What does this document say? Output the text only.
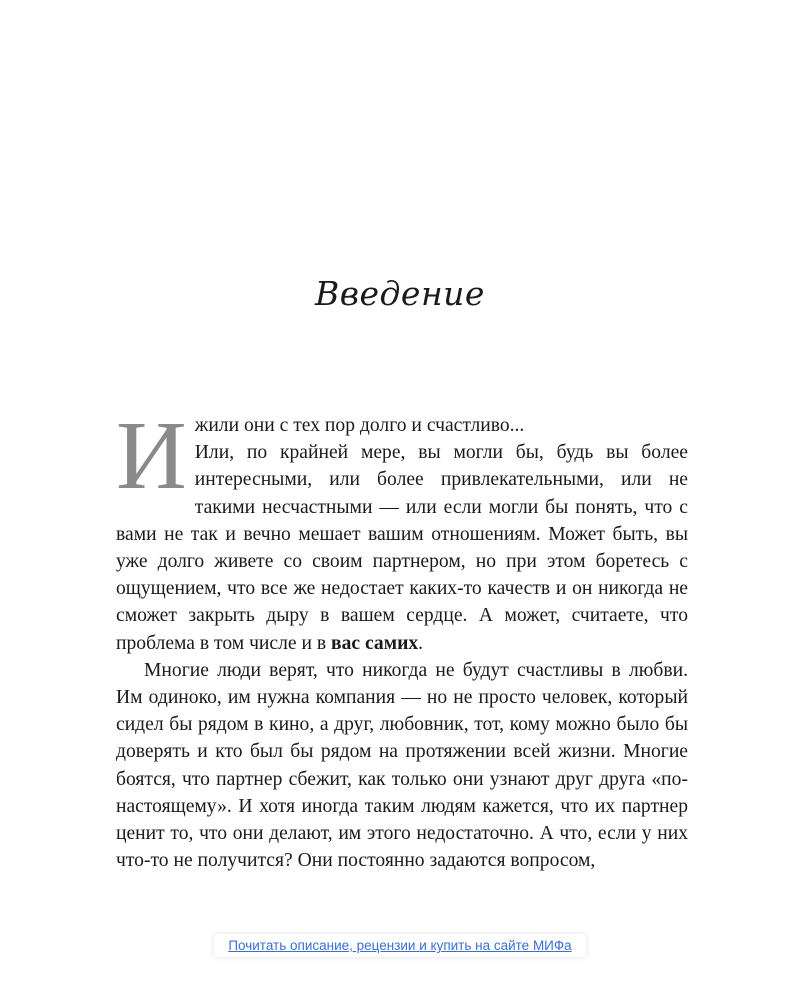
Введение

Ижили они с тех пор долго и счастливо...
Или, по крайней мере, вы могли бы, будь вы более интересными, или более привлекательными, или не такими несчастными — или если могли бы понять, что с вами не так и вечно мешает вашим отношениям. Может быть, вы уже долго живете со своим партнером, но при этом боретесь с ощущением, что все же недостает каких-то качеств и он никогда не сможет закрыть дыру в вашем сердце. А может, считаете, что проблема в том числе и в вас самих.

Многие люди верят, что никогда не будут счастливы в любви. Им одиноко, им нужна компания — но не просто человек, который сидел бы рядом в кино, а друг, любовник, тот, кому можно было бы доверять и кто был бы рядом на протяжении всей жизни. Многие боятся, что партнер сбежит, как только они узнают друг друга «по-настоящему». И хотя иногда таким людям кажется, что их партнер ценит то, что они делают, им этого недостаточно. А что, если у них что-то не получится? Они постоянно задаются вопросом,

Почитать описание, рецензии и купить на сайте МИФа
